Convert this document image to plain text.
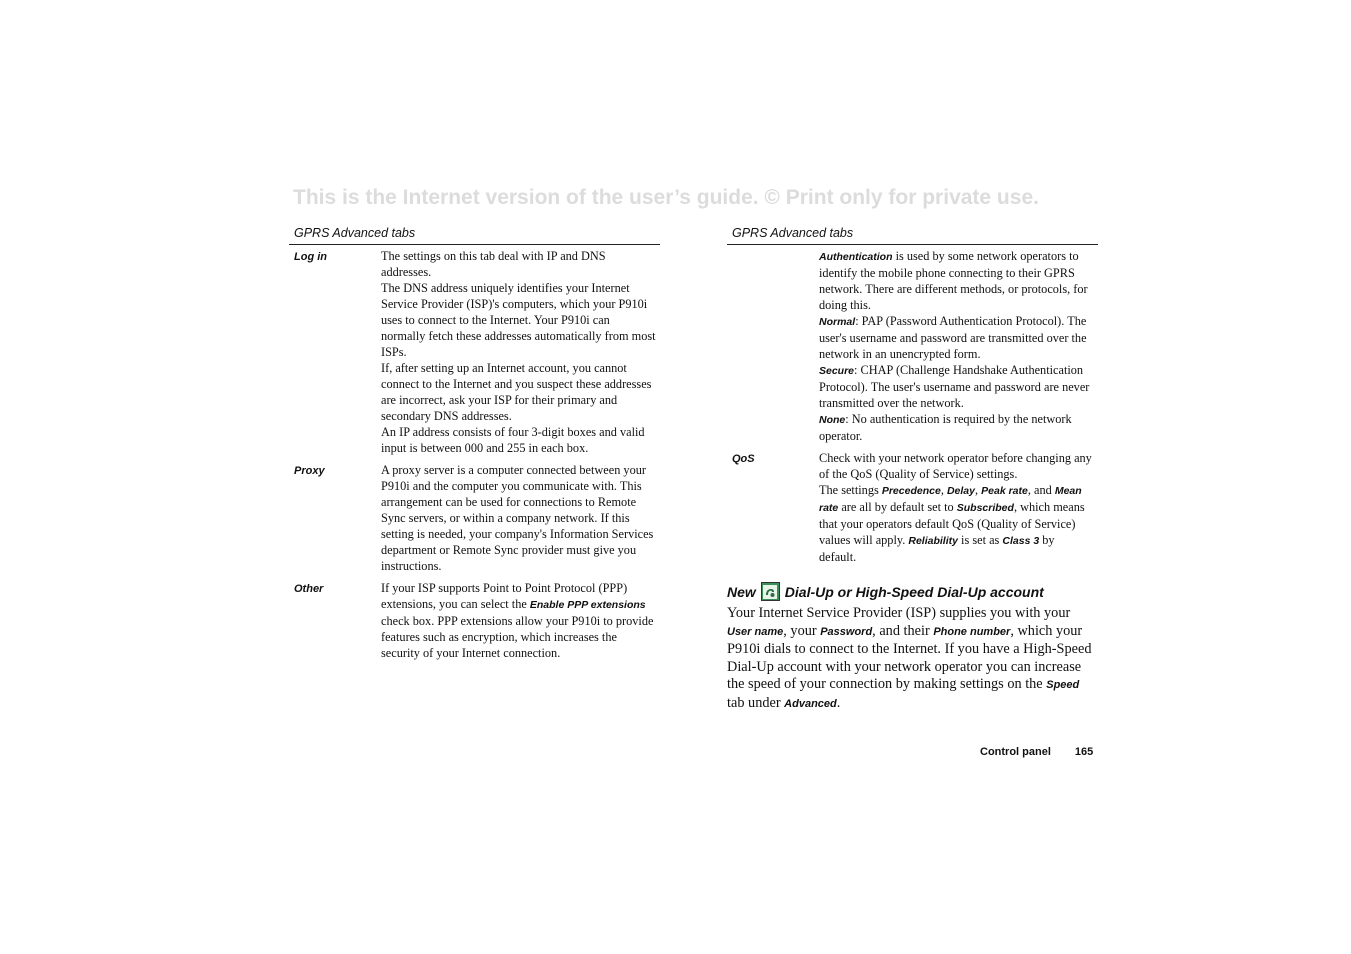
This is the Internet version of the user’s guide. © Print only for private use.
GPRS Advanced tabs
Log in	The settings on this tab deal with IP and DNS addresses.

The DNS address uniquely identifies your Internet Service Provider (ISP)'s computers, which your P910i uses to connect to the Internet. Your P910i can normally fetch these addresses automatically from most ISPs.

If, after setting up an Internet account, you cannot connect to the Internet and you suspect these addresses are incorrect, ask your ISP for their primary and secondary DNS addresses.

An IP address consists of four 3-digit boxes and valid input is between 000 and 255 in each box.

Proxy	A proxy server is a computer connected between your P910i and the computer you communicate with. This arrangement can be used for connections to Remote Sync servers, or within a company network. If this setting is needed, your company's Information Services department or Remote Sync provider must give you instructions.

Other	If your ISP supports Point to Point Protocol (PPP) extensions, you can select the Enable PPP extensions check box. PPP extensions allow your P910i to provide features such as encryption, which increases the security of your Internet connection.

GPRS Advanced tabs

Authentication is used by some network operators to identify the mobile phone connecting to their GPRS network. There are different methods, or protocols, for doing this.

Normal: PAP (Password Authentication Protocol). The user's username and password are transmitted over the network in an unencrypted form.

Secure: CHAP (Challenge Handshake Authentication Protocol). The user's username and password are never transmitted over the network.

None: No authentication is required by the network operator.

QoS	Check with your network operator before changing any of the QoS (Quality of Service) settings.

The settings Precedence, Delay, Peak rate, and Mean rate are all by default set to Subscribed, which means that your operators default QoS (Quality of Service) values will apply. Reliability is set as Class 3 by default.

New Dial-Up or High-Speed Dial-Up account

Your Internet Service Provider (ISP) supplies you with your User name, your Password, and their Phone number, which your P910i dials to connect to the Internet. If you have a High-Speed Dial-Up account with your network operator you can increase the speed of your connection by making settings on the Speed tab under Advanced.

Control panel 165
